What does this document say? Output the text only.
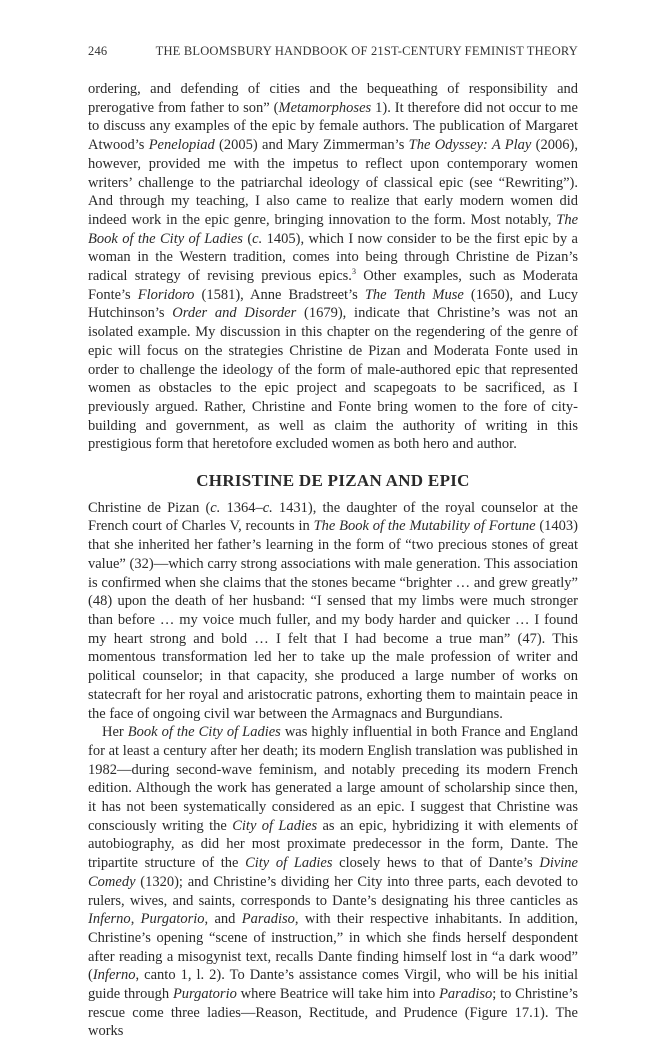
246	THE BLOOMSBURY HANDBOOK OF 21ST-CENTURY FEMINIST THEORY

ordering, and defending of cities and the bequeathing of responsibility and prerogative from father to son” (Metamorphoses 1). It therefore did not occur to me to discuss any examples of the epic by female authors. The publication of Margaret Atwood’s Penelopiad (2005) and Mary Zimmerman’s The Odyssey: A Play (2006), however, provided me with the impetus to reflect upon contemporary women writers’ challenge to the patriarchal ideology of classical epic (see “Rewriting”). And through my teaching, I also came to realize that early modern women did indeed work in the epic genre, bringing innovation to the form. Most notably, The Book of the City of Ladies (c. 1405), which I now consider to be the first epic by a woman in the Western tradition, comes into being through Christine de Pizan’s radical strategy of revising previous epics.$^3$ Other examples, such as Moderata Fonte’s Floridoro (1581), Anne Bradstreet’s The Tenth Muse (1650), and Lucy Hutchinson’s Order and Disorder (1679), indicate that Christine’s was not an isolated example. My discussion in this chapter on the regendering of the genre of epic will focus on the strategies Christine de Pizan and Moderata Fonte used in order to challenge the ideology of the form of male-authored epic that represented women as obstacles to the epic project and scapegoats to be sacrificed, as I previously argued. Rather, Christine and Fonte bring women to the fore of city-building and government, as well as claim the authority of writing in this prestigious form that heretofore excluded women as both hero and author.

CHRISTINE DE PIZAN AND EPIC

Christine de Pizan (c. 1364–c. 1431), the daughter of the royal counselor at the French court of Charles V, recounts in The Book of the Mutability of Fortune (1403) that she inherited her father’s learning in the form of “two precious stones of great value” (32)—which carry strong associations with male generation. This association is confirmed when she claims that the stones became “brighter … and grew greatly” (48) upon the death of her husband: “I sensed that my limbs were much stronger than before … my voice much fuller, and my body harder and quicker … I found my heart strong and bold … I felt that I had become a true man” (47). This momentous transformation led her to take up the male profession of writer and political counselor; in that capacity, she produced a large number of works on statecraft for her royal and aristocratic patrons, exhorting them to maintain peace in the face of ongoing civil war between the Armagnacs and Burgundians.

Her Book of the City of Ladies was highly influential in both France and England for at least a century after her death; its modern English translation was published in 1982—during second-wave feminism, and notably preceding its modern French edition. Although the work has generated a large amount of scholarship since then, it has not been systematically considered as an epic. I suggest that Christine was consciously writing the City of Ladies as an epic, hybridizing it with elements of autobiography, as did her most proximate predecessor in the form, Dante. The tripartite structure of the City of Ladies closely hews to that of Dante’s Divine Comedy (1320); and Christine’s dividing her City into three parts, each devoted to rulers, wives, and saints, corresponds to Dante’s designating his three canticles as Inferno, Purgatorio, and Paradiso, with their respective inhabitants. In addition, Christine’s opening “scene of instruction,” in which she finds herself despondent after reading a misogynist text, recalls Dante finding himself lost in “a dark wood” (Inferno, canto 1, l. 2). To Dante’s assistance comes Virgil, who will be his initial guide through Purgatorio where Beatrice will take him into Paradiso; to Christine’s rescue come three ladies—Reason, Rectitude, and Prudence (Figure 17.1). The works
